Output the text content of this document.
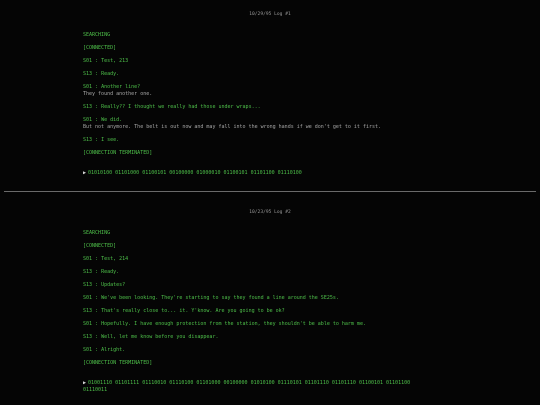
10/29/95 Log #1
SEARCHING
[CONNECTED]
S01 : Test, 213
S13 : Ready.
S01 : Another line?
They found another one.
S13 : Really?? I thought we really had those under wraps...
S01 : We did.
But not anymore. The belt is out now and may fall into the wrong hands if we don't get to it first.
S13 : I see.
[CONNECTION TERMINATED]
▶ 01010100 01101000 01100101 00100000 01000010 01100101 01101100 01110100
10/23/95 Log #2
SEARCHING
[CONNECTED]
S01 : Test, 214
S13 : Ready.
S13 : Updates?
S01 : We've been looking. They're starting to say they found a line around the SE25s.
S13 : That's really close to... it. Y'know. Are you going to be ok?
S01 : Hopefully. I have enough protection from the station, they shouldn't be able to harm me.
S13 : Well, let me know before you disappear.
S01 : Alright.
[CONNECTION TERMINATED]
▶ 01001110 01101111 01110010 01110100 01101000 00100000 01010100 01110101 01101110 01101110 01100101 01101100
01110011
